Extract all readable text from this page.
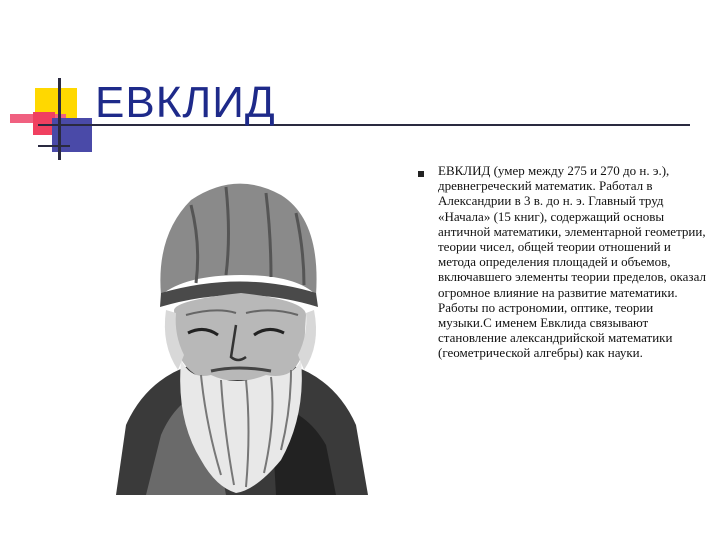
ЕВКЛИД

ЕВКЛИД (умер между 275 и 270 до н. э.), древнегреческий математик. Работал в Александрии в 3 в. до н. э. Главный труд «Начала» (15 книг), содержащий основы античной математики, элементарной геометрии, теории чисел, общей теории отношений и метода определения площадей и объемов, включавшего элементы теории пределов, оказал огромное влияние на развитие математики. Работы по астрономии, оптике, теории музыки.С именем Евклида связывают становление александрийской математики (геометрической алгебры) как науки.
